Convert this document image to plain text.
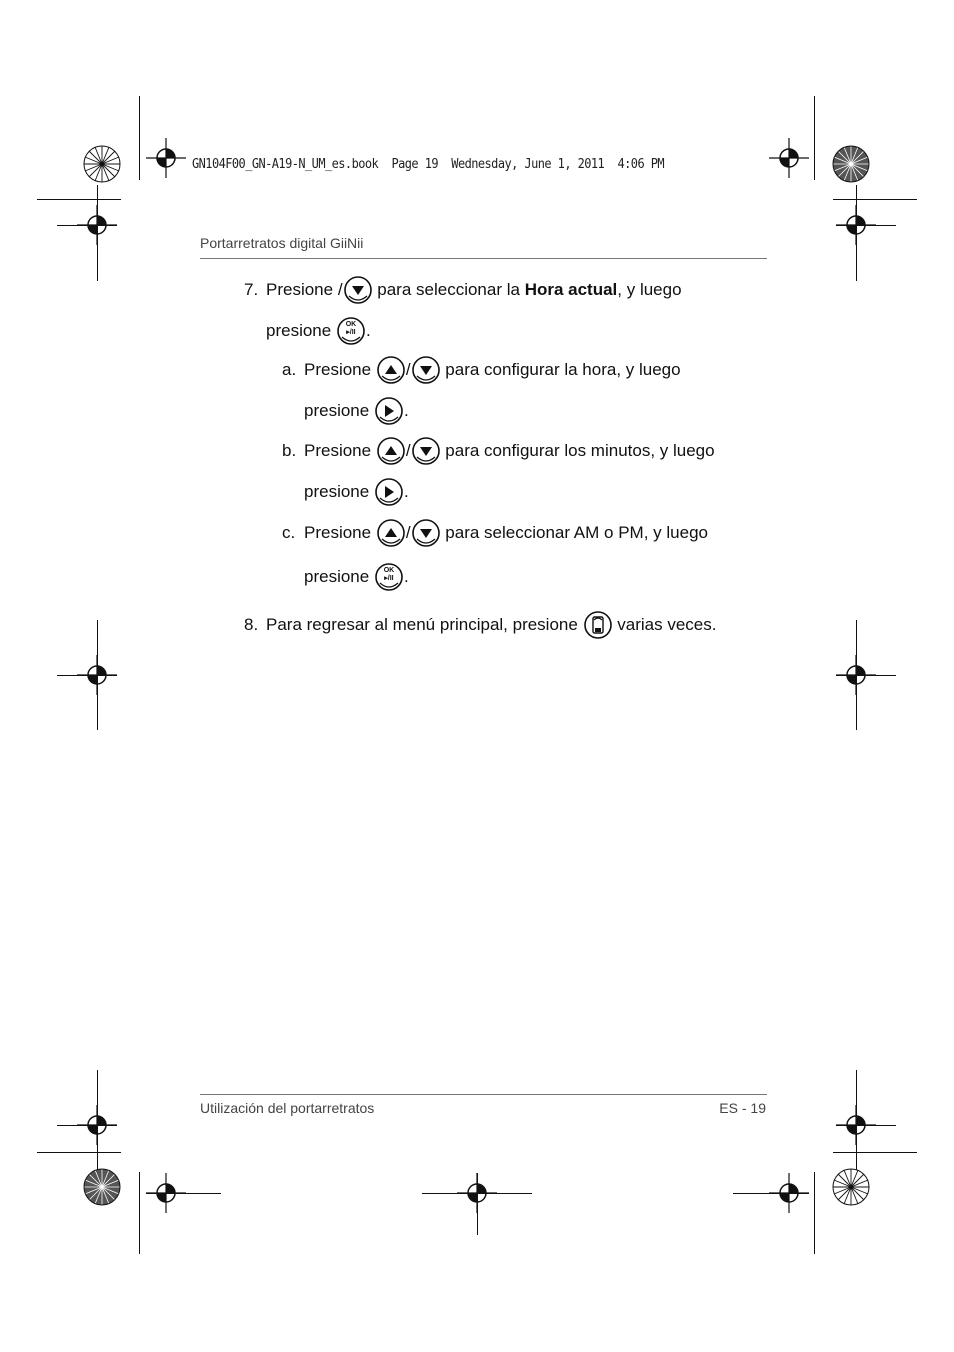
GN104F00_GN-A19-N_UM_es.book  Page 19  Wednesday, June 1, 2011  4:06 PM
Portarretratos digital GiiNii
7. Presione / para seleccionar la Hora actual , y luego
presione	OK
▸/II .
a. Presione / para configurar la hora, y luego
presione .
b. Presione / para configurar los minutos, y luego
presione .
c. Presione / para seleccionar AM o PM, y luego
presione	OK
▸/II .
8. Para regresar al menú principal, presione varias veces.
Utilización del portarretratos	ES - 19
